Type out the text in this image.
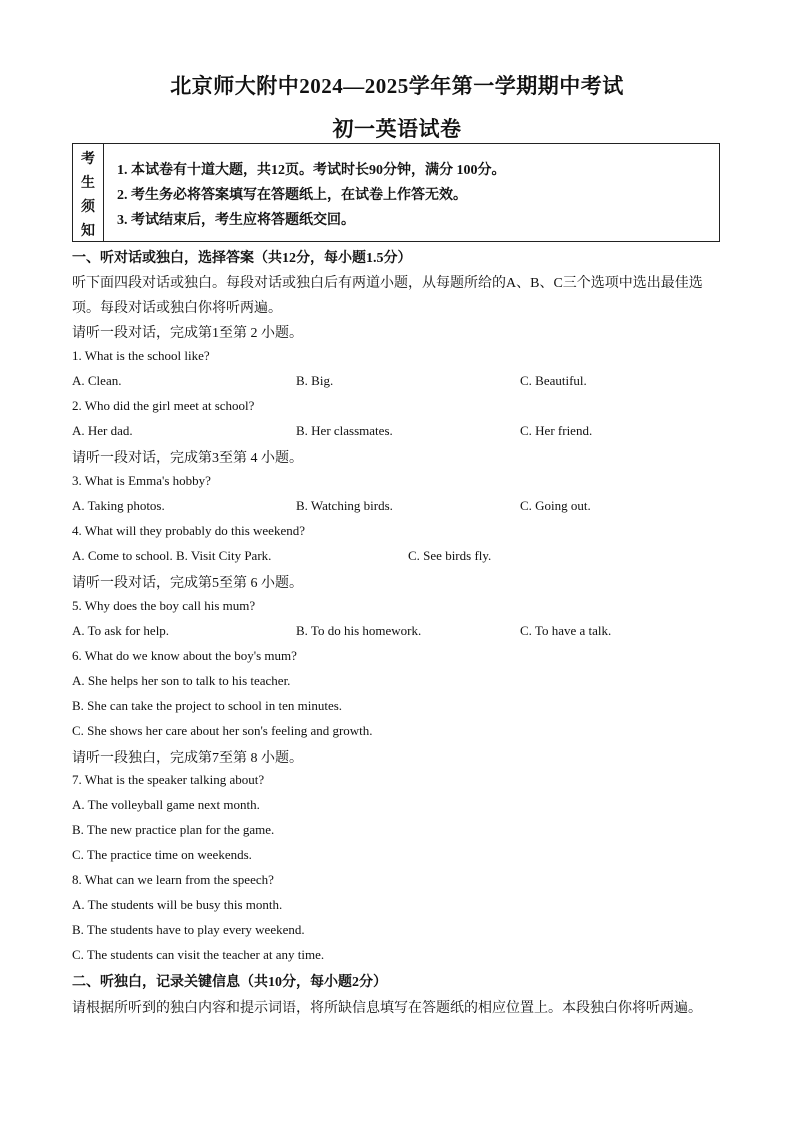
北京师大附中2024—2025学年第一学期期中考试
初一英语试卷
考
生
须
知
1. 本试卷有十道大题，共12页。考试时长90分钟，满分 100分。
2. 考生务必将答案填写在答题纸上，在试卷上作答无效。
3. 考试结束后，考生应将答题纸交回。
一、听对话或独白，选择答案（共12分，每小题1.5分）
听下面四段对话或独白。每段对话或独白后有两道小题，从每题所给的A、B、C三个选项中选出最佳选
项。每段对话或独白你将听两遍。
请听一段对话，完成第1至第 2 小题。
1. What is the school like?
A. Clean.	B. Big.	C. Beautiful.
2. Who did the girl meet at school?
A. Her dad.	B. Her classmates.	C. Her friend.
请听一段对话，完成第3至第 4 小题。
3. What is Emma's hobby?
A. Taking photos.	B. Watching birds.	C. Going out.
4. What will they probably do this weekend?
A. Come to school. B. Visit City Park.	C. See birds fly.
请听一段对话，完成第5至第 6 小题。
5. Why does the boy call his mum?
A. To ask for help.	B. To do his homework.	C. To have a talk.
6. What do we know about the boy's mum?
A. She helps her son to talk to his teacher.
B. She can take the project to school in ten minutes.
C. She shows her care about her son's feeling and growth.
请听一段独白，完成第7至第 8 小题。
7. What is the speaker talking about?
A. The volleyball game next month.
B. The new practice plan for the game.
C. The practice time on weekends.
8. What can we learn from the speech?
A. The students will be busy this month.
B. The students have to play every weekend.
C. The students can visit the teacher at any time.
二、听独白，记录关键信息（共10分，每小题2分）
请根据所听到的独白内容和提示词语，将所缺信息填写在答题纸的相应位置上。本段独白你将听两遍。
